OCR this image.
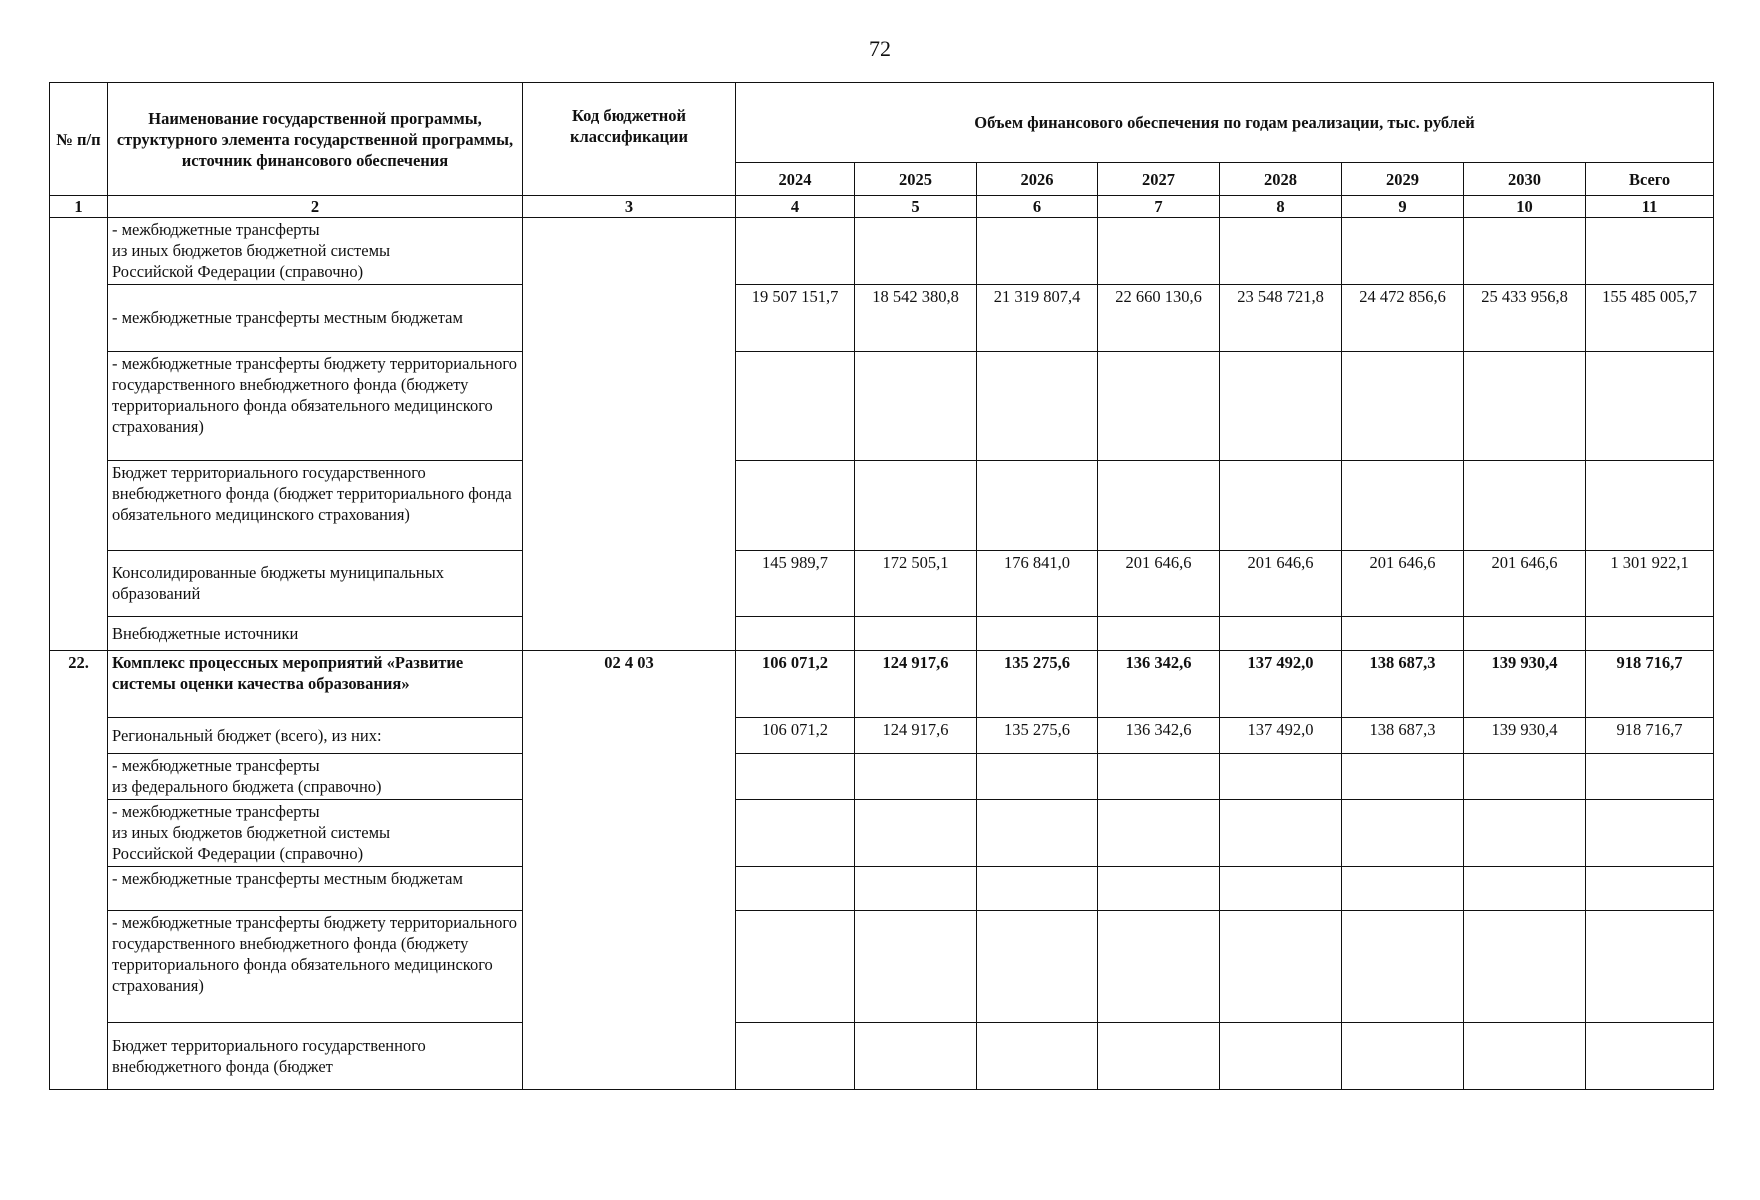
72
№ п/п	Наименование государственной программы, структурного элемента государственной программы, источник финансового обеспечения	Код бюджетной классификации	Объем финансового обеспечения по годам реализации, тыс. рублей							
			2024	2025	2026	2027	2028	2029	2030	Всего
1	2	3	4	5	6	7	8	9	10	11
	- межбюджетные трансферты
из иных бюджетов бюджетной системы
Российской Федерации (справочно)									
	- межбюджетные трансферты местным бюджетам		19 507 151,7	18 542 380,8	21 319 807,4	22 660 130,6	23 548 721,8	24 472 856,6	25 433 956,8	155 485 005,7
	- межбюджетные трансферты бюджету территориального государственного внебюджетного фонда (бюджету территориального фонда обязательного медицинского страхования)									
	Бюджет территориального государственного внебюджетного фонда (бюджет территориального фонда обязательного медицинского страхования)									
	Консолидированные бюджеты муниципальных образований		145 989,7	172 505,1	176 841,0	201 646,6	201 646,6	201 646,6	201 646,6	1 301 922,1
	Внебюджетные источники									
22.	Комплекс процессных мероприятий «Развитие системы оценки качества образования»	02 4 03	106 071,2	124 917,6	135 275,6	136 342,6	137 492,0	138 687,3	139 930,4	918 716,7
	Региональный бюджет (всего), из них:		106 071,2	124 917,6	135 275,6	136 342,6	137 492,0	138 687,3	139 930,4	918 716,7
	- межбюджетные трансферты
из федерального бюджета (справочно)									
	- межбюджетные трансферты
из иных бюджетов бюджетной системы
Российской Федерации (справочно)									
	- межбюджетные трансферты местным бюджетам									
	- межбюджетные трансферты бюджету территориального государственного внебюджетного фонда (бюджету территориального фонда обязательного медицинского страхования)									
	Бюджет территориального государственного внебюджетного фонда (бюджет									
